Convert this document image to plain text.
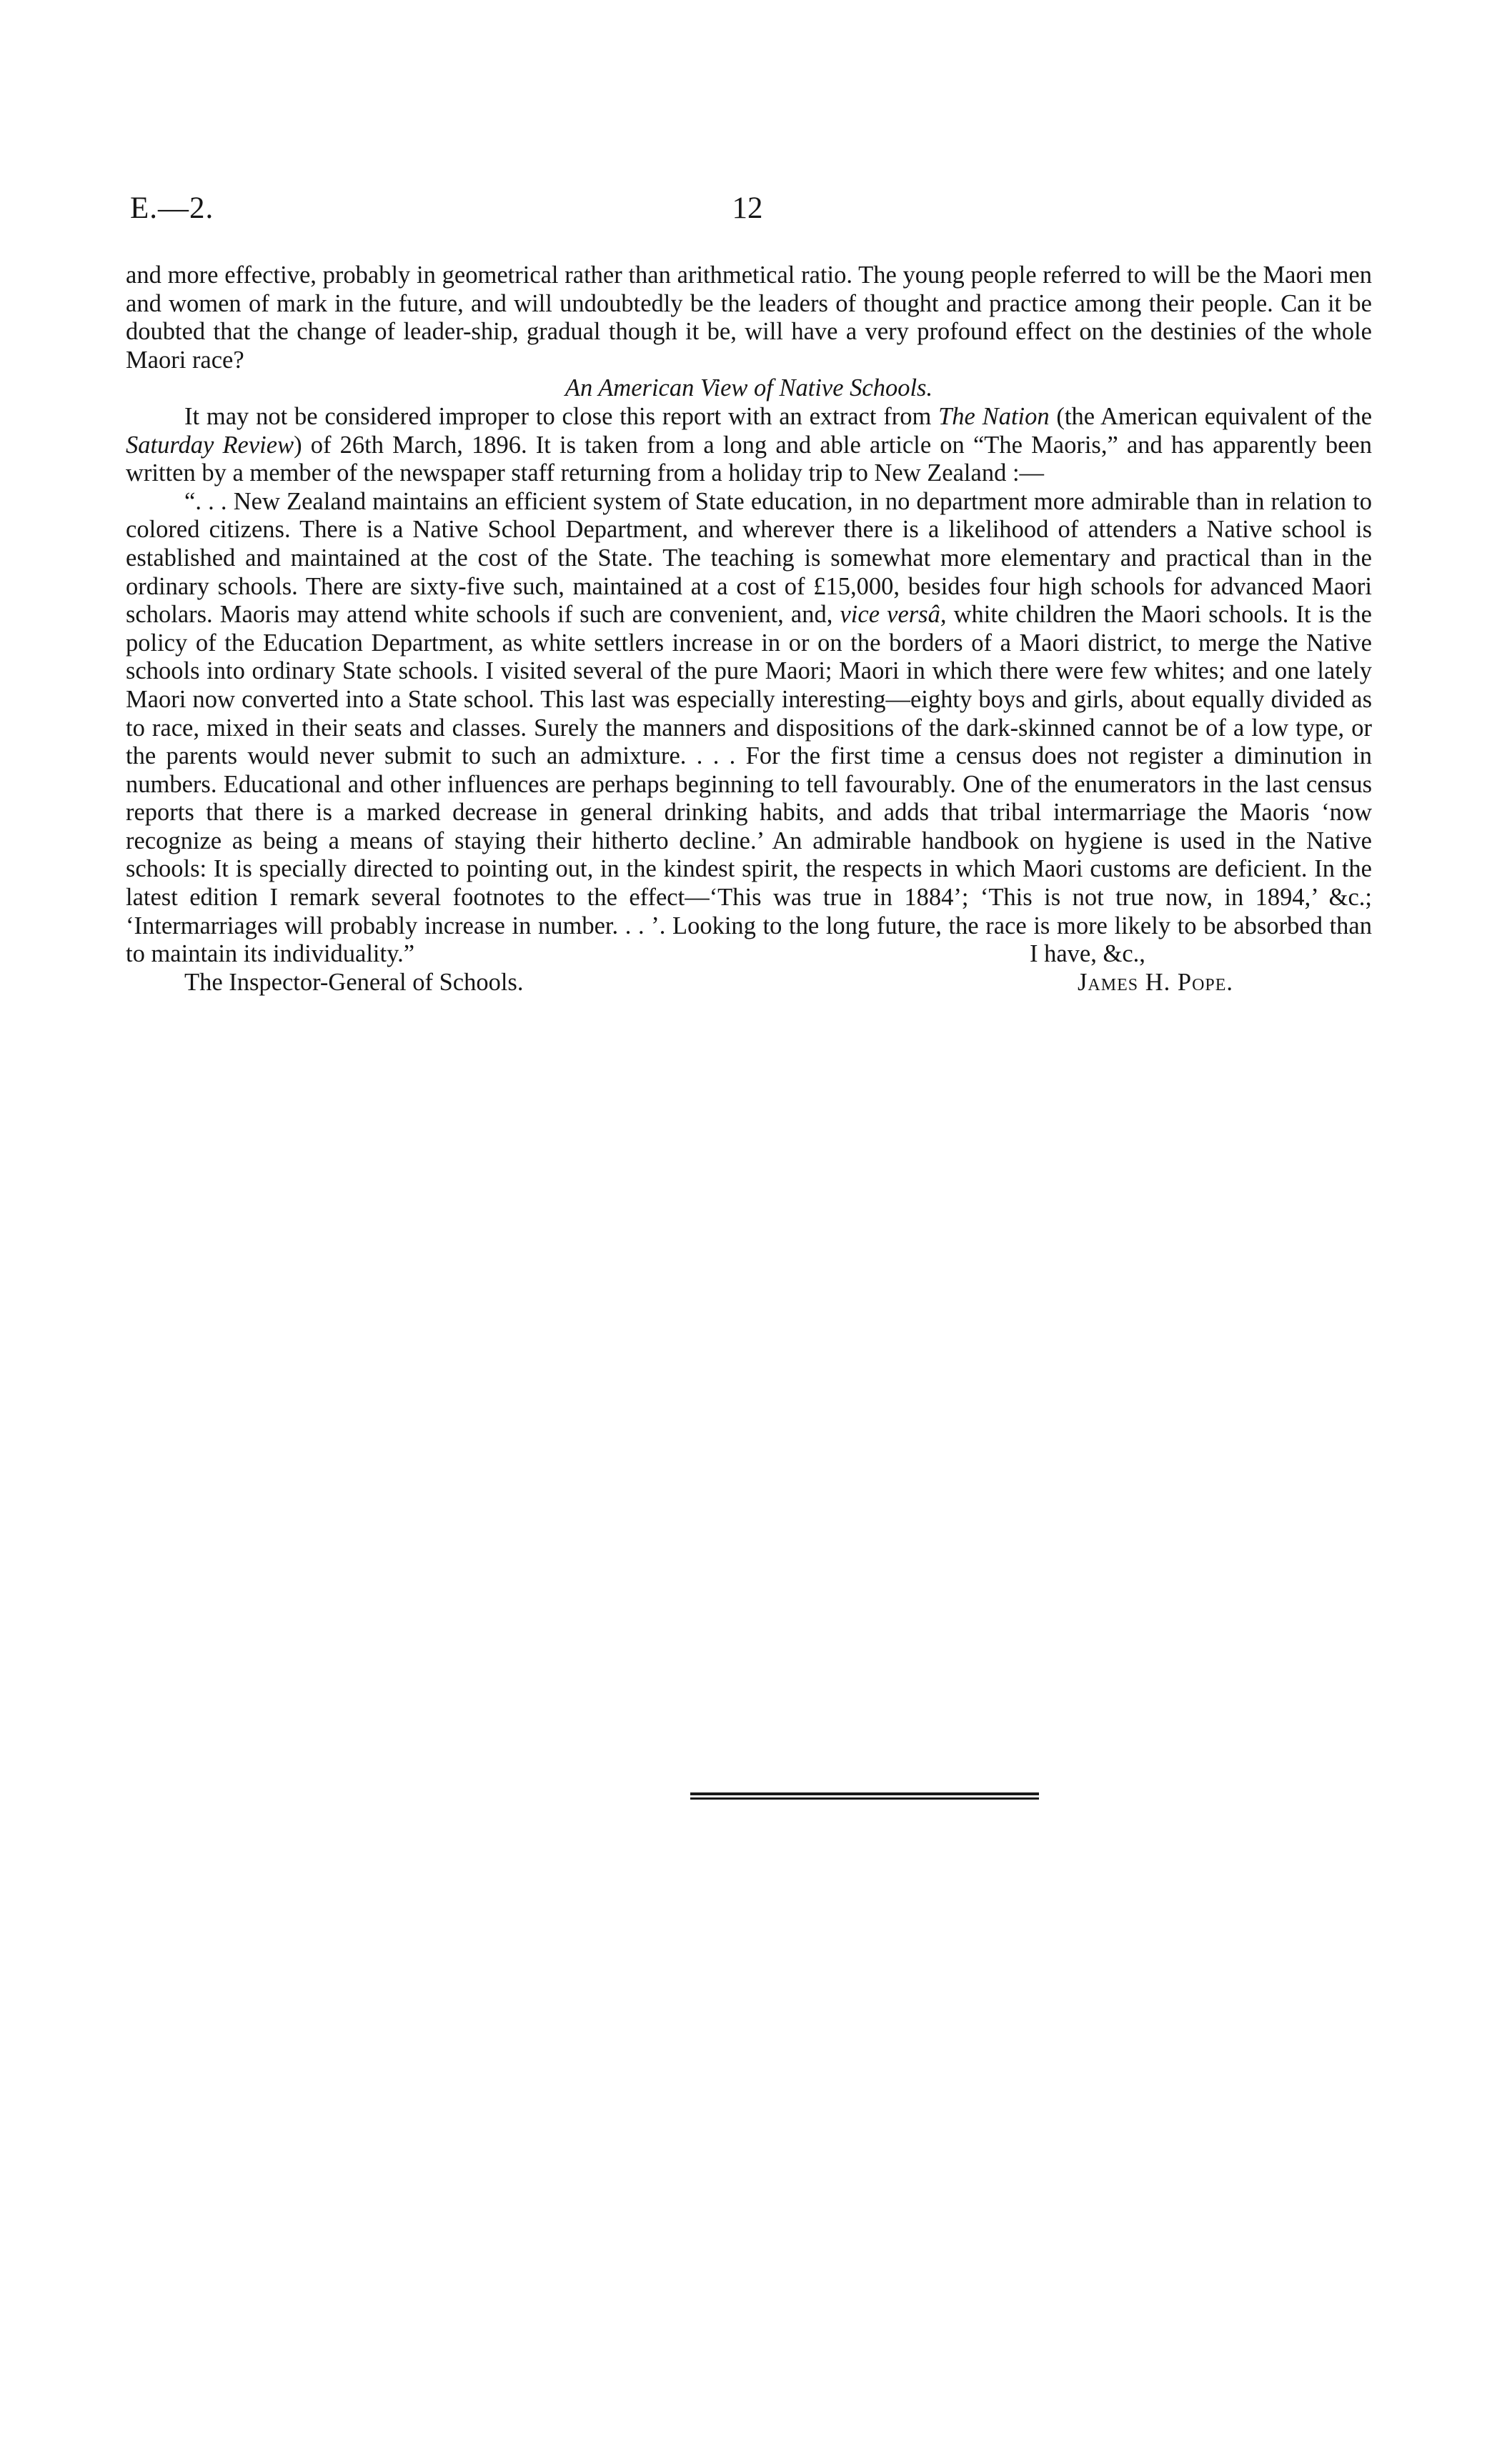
E.—2.	12

and more effective, probably in geometrical rather than arithmetical ratio. The young people referred to will be the Maori men and women of mark in the future, and will undoubtedly be the leaders of thought and practice among their people. Can it be doubted that the change of leader-ship, gradual though it be, will have a very profound effect on the destinies of the whole Maori race?

An American View of Native Schools.

It may not be considered improper to close this report with an extract from The Nation (the American equivalent of the Saturday Review) of 26th March, 1896. It is taken from a long and able article on “The Maoris,” and has apparently been written by a member of the newspaper staff returning from a holiday trip to New Zealand :—

“. . . New Zealand maintains an efficient system of State education, in no department more admirable than in relation to colored citizens. There is a Native School Department, and wherever there is a likelihood of attenders a Native school is established and maintained at the cost of the State. The teaching is somewhat more elementary and practical than in the ordinary schools. There are sixty-five such, maintained at a cost of £15,000, besides four high schools for advanced Maori scholars. Maoris may attend white schools if such are convenient, and, vice versâ, white children the Maori schools. It is the policy of the Education Department, as white settlers increase in or on the borders of a Maori district, to merge the Native schools into ordinary State schools. I visited several of the pure Maori; Maori in which there were few whites; and one lately Maori now converted into a State school. This last was especially interesting—eighty boys and girls, about equally divided as to race, mixed in their seats and classes. Surely the manners and dispositions of the dark-skinned cannot be of a low type, or the parents would never submit to such an admixture. . . . For the first time a census does not register a diminution in numbers. Educational and other influences are perhaps beginning to tell favourably. One of the enumerators in the last census reports that there is a marked decrease in general drinking habits, and adds that tribal intermarriage the Maoris ‘now recognize as being a means of staying their hitherto decline.’ An admirable handbook on hygiene is used in the Native schools: It is specially directed to pointing out, in the kindest spirit, the respects in which Maori customs are deficient. In the latest edition I remark several footnotes to the effect—‘This was true in 1884’; ‘This is not true now, in 1894,’ &c.; ‘Intermarriages will probably increase in number. . . ’. Looking to the long future, the race is more likely to be absorbed than to maintain its individuality.”	I have, &c.,
The Inspector-General of Schools.	James H. Pope.
